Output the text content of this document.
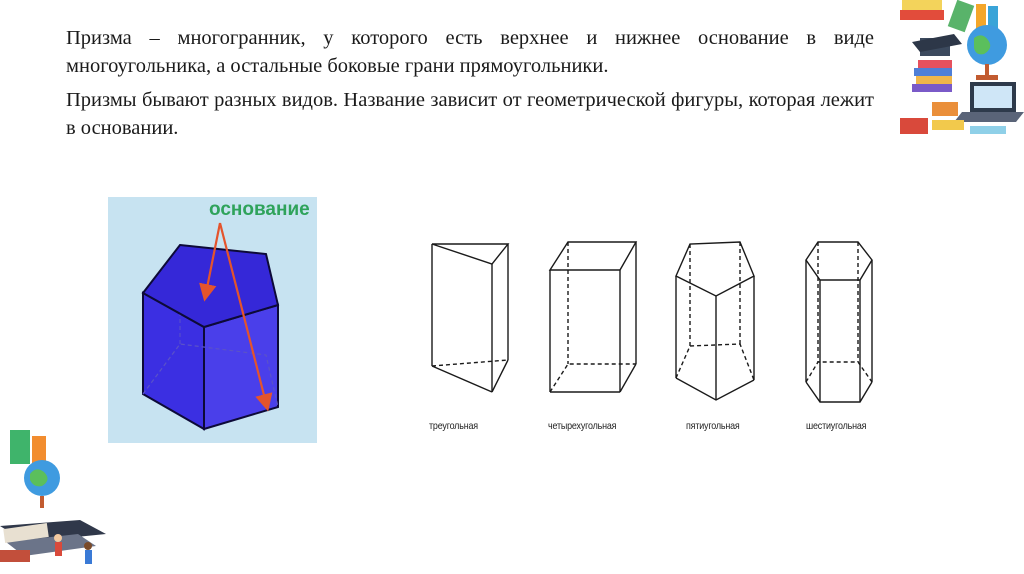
Призма – многогранник, у которого есть верхнее и нижнее основание в виде многоугольника, а остальные боковые грани прямоугольники.

Призмы бывают разных видов. Название зависит от геометрической фигуры, которая лежит в основании.

основание
треугольная	четырехугольная	пятиугольная	шестиугольная
